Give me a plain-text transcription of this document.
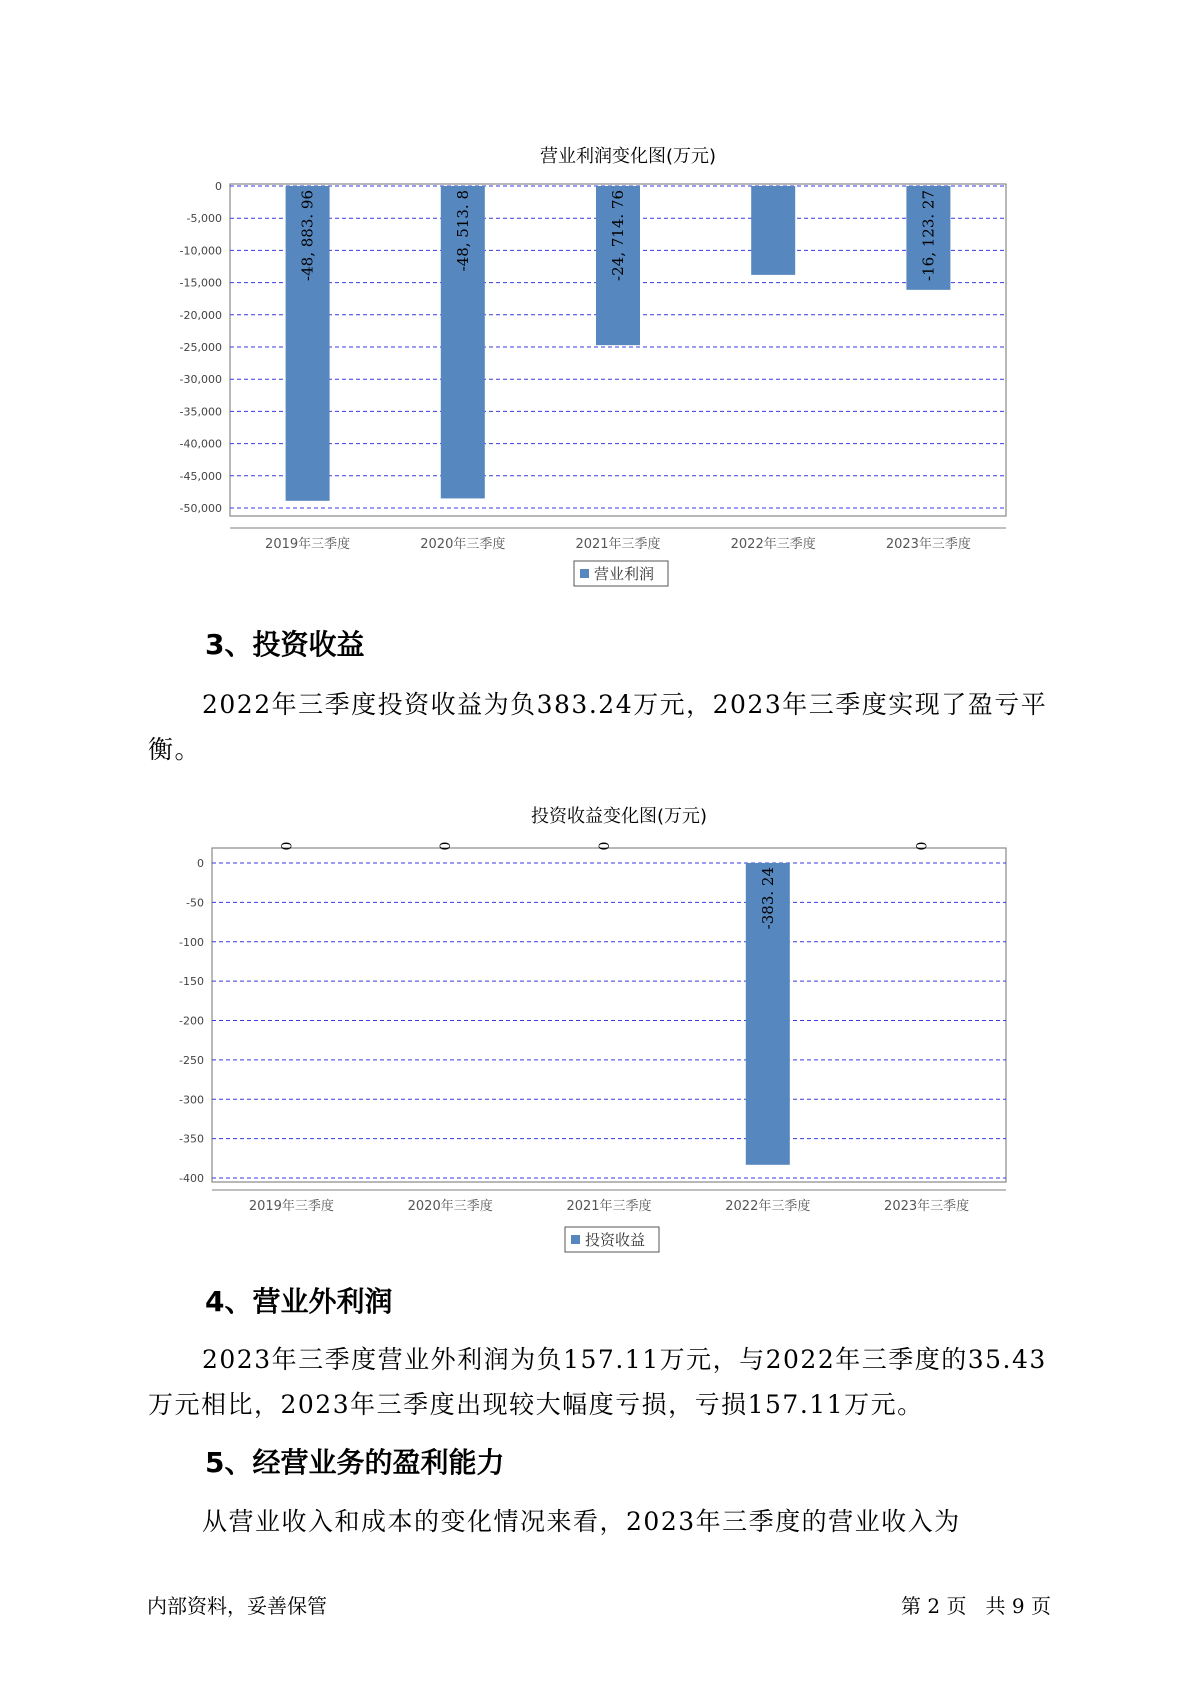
营业利润变化图(万元)
0
-5,000
-10,000
-15,000
-20,000
-25,000
-30,000
-35,000
-40,000
-45,000
-50,000
-48, 883. 96
2019年三季度
-48, 513. 8
2020年三季度
-24, 714. 76
2021年三季度	2022年三季度
-16, 123. 27
2023年三季度
营业利润
3、投资收益

2022年三季度投资收益为负383.24万元，2023年三季度实现了盈亏平衡。

投资收益变化图(万元)
0
-50
-100
-150
-200
-250
-300
-350
-400
0
2019年三季度
0
2020年三季度
0
2021年三季度
-383. 24
2022年三季度
0
2023年三季度
投资收益
4、营业外利润

2023年三季度营业外利润为负157.11万元，与2022年三季度的35.43万元相比，2023年三季度出现较大幅度亏损，亏损157.11万元。

5、经营业务的盈利能力

从营业收入和成本的变化情况来看，2023年三季度的营业收入为

内部资料，妥善保管	第 2 页   共 9 页
